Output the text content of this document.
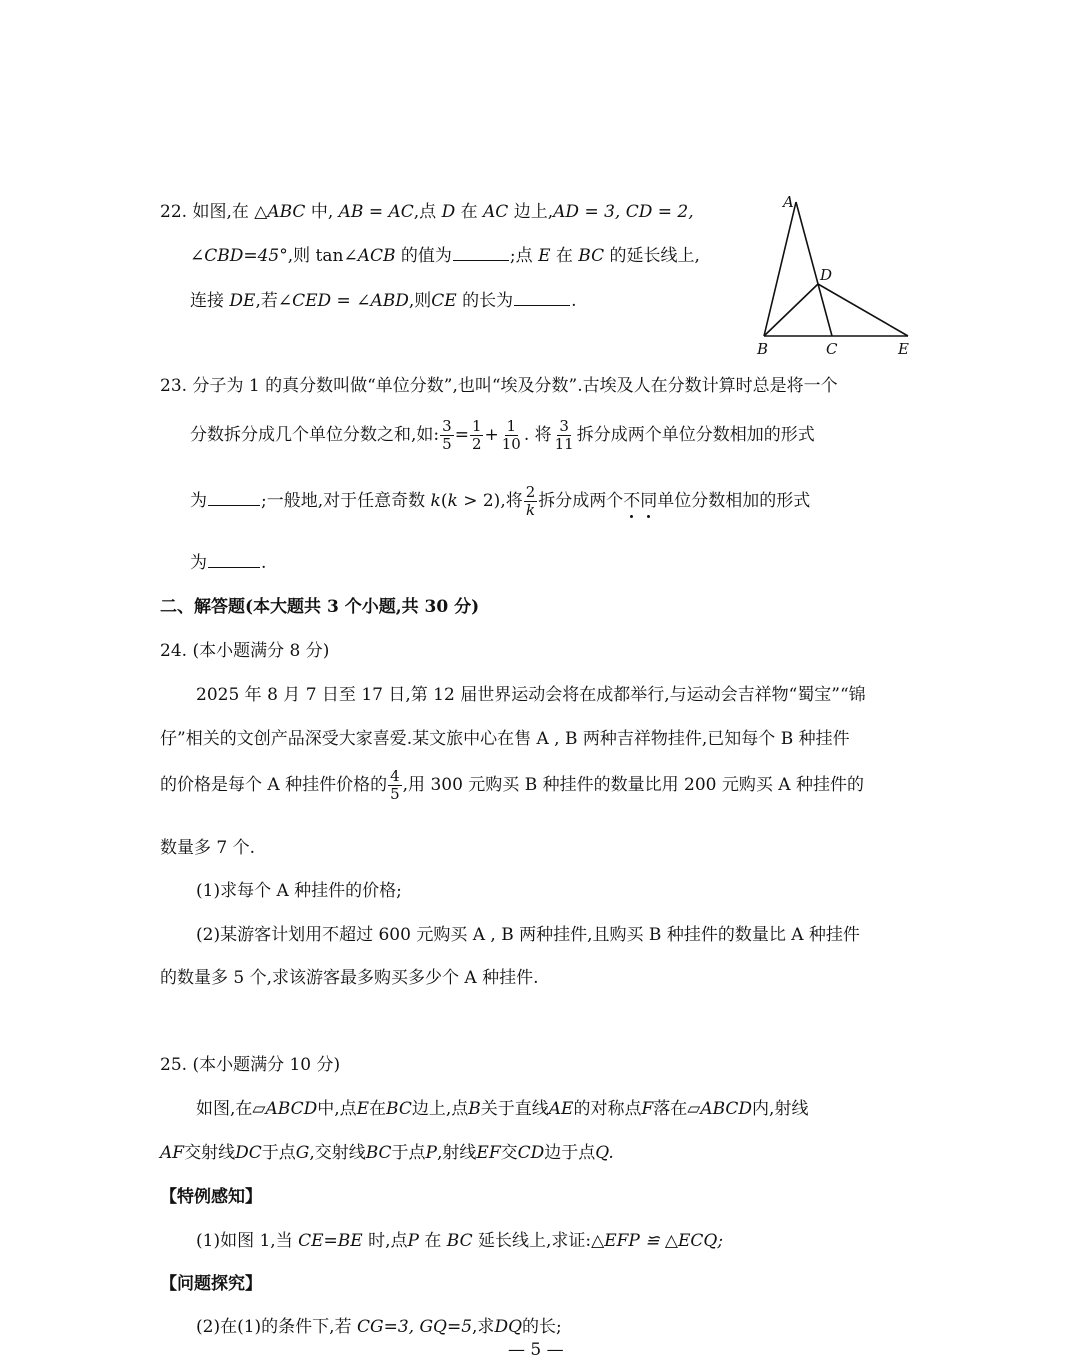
22. 如图,在 △ABC 中, AB = AC,点 D 在 AC 边上,AD = 3, CD = 2,
∠CBD=45°,则 tan∠ACB 的值为	;点 E 在 BC 的延长线上,
连接 DE,若∠CED = ∠ABD,则CE 的长为	.
A
D
B	C	E
23. 分子为 1 的真分数叫做“单位分数”,也叫“埃及分数”.古埃及人在分数计算时总是将一个
分数拆分成几个单位分数之和,如: $\frac{3}{5} = \frac{1}{2} + \frac{1}{10}$ . 将 $\frac{3}{11}$ 拆分成两个单位分数相加的形式
为	;一般地,对于任意奇数 k(k > 2),将 $\frac{2}{k}$ 拆分成两个不同单位分数相加的形式
为	.
二、解答题(本大题共 3 个小题,共 30 分)
24. (本小题满分 8 分)
2025 年 8 月 7 日至 17 日,第 12 届世界运动会将在成都举行,与运动会吉祥物“蜀宝”“锦
仔”相关的文创产品深受大家喜爱.某文旅中心在售 A , B 两种吉祥物挂件,已知每个 B 种挂件
的价格是每个 A 种挂件价格的 $\frac{4}{5}$ ,用 300 元购买 B 种挂件的数量比用 200 元购买 A 种挂件的
数量多 7 个.
(1)求每个 A 种挂件的价格;
(2)某游客计划用不超过 600 元购买 A , B 两种挂件,且购买 B 种挂件的数量比 A 种挂件
的数量多 5 个,求该游客最多购买多少个 A 种挂件.
25. (本小题满分 10 分)
如图,在▱ABCD中,点E在BC边上,点B关于直线AE的对称点F落在▱ABCD内,射线
AF交射线DC于点G,交射线BC于点P,射线EF交CD边于点Q.
【特例感知】
(1)如图 1,当 CE=BE 时,点P 在 BC 延长线上,求证:△EFP ≌ △ECQ;
【问题探究】
(2)在(1)的条件下,若 CG=3, GQ=5,求DQ的长;
— 5 —
